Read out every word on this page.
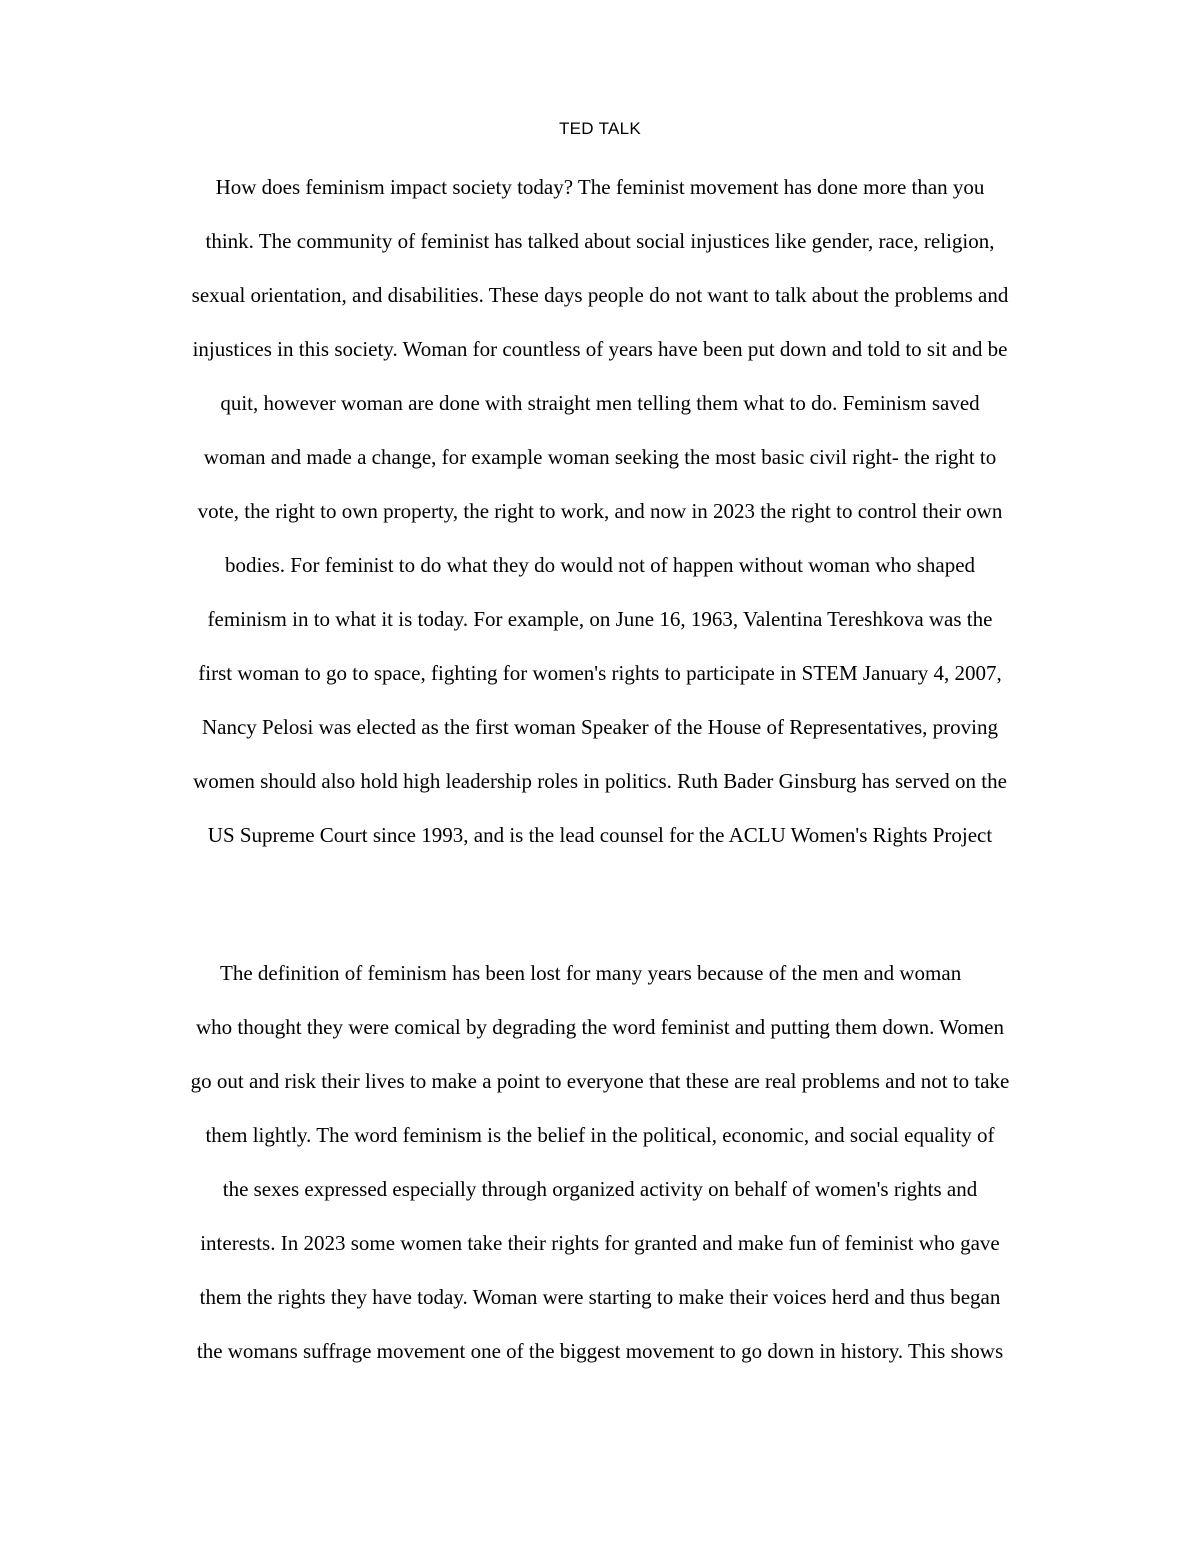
TED TALK
How does feminism impact society today? The feminist movement has done more than you
think. The community of feminist has talked about social injustices like gender, race, religion,
sexual orientation, and disabilities. These days people do not want to talk about the problems and
injustices in this society. Woman for countless of years have been put down and told to sit and be
quit, however woman are done with straight men telling them what to do. Feminism saved
woman and made a change, for example woman seeking the most basic civil right- the right to
vote, the right to own property, the right to work, and now in 2023 the right to control their own
bodies. For feminist to do what they do would not of happen without woman who shaped
feminism in to what it is today. For example, on June 16, 1963, Valentina Tereshkova was the
first woman to go to space, fighting for women's rights to participate in STEM January 4, 2007,
Nancy Pelosi was elected as the first woman Speaker of the House of Representatives, proving
women should also hold high leadership roles in politics. Ruth Bader Ginsburg has served on the
US Supreme Court since 1993, and is the lead counsel for the ACLU Women's Rights Project
The definition of feminism has been lost for many years because of the men and woman
who thought they were comical by degrading the word feminist and putting them down. Women
go out and risk their lives to make a point to everyone that these are real problems and not to take
them lightly. The word feminism is the belief in the political, economic, and social equality of
the sexes expressed especially through organized activity on behalf of women's rights and
interests. In 2023 some women take their rights for granted and make fun of feminist who gave
them the rights they have today. Woman were starting to make their voices herd and thus began
the womans suffrage movement one of the biggest movement to go down in history. This shows
